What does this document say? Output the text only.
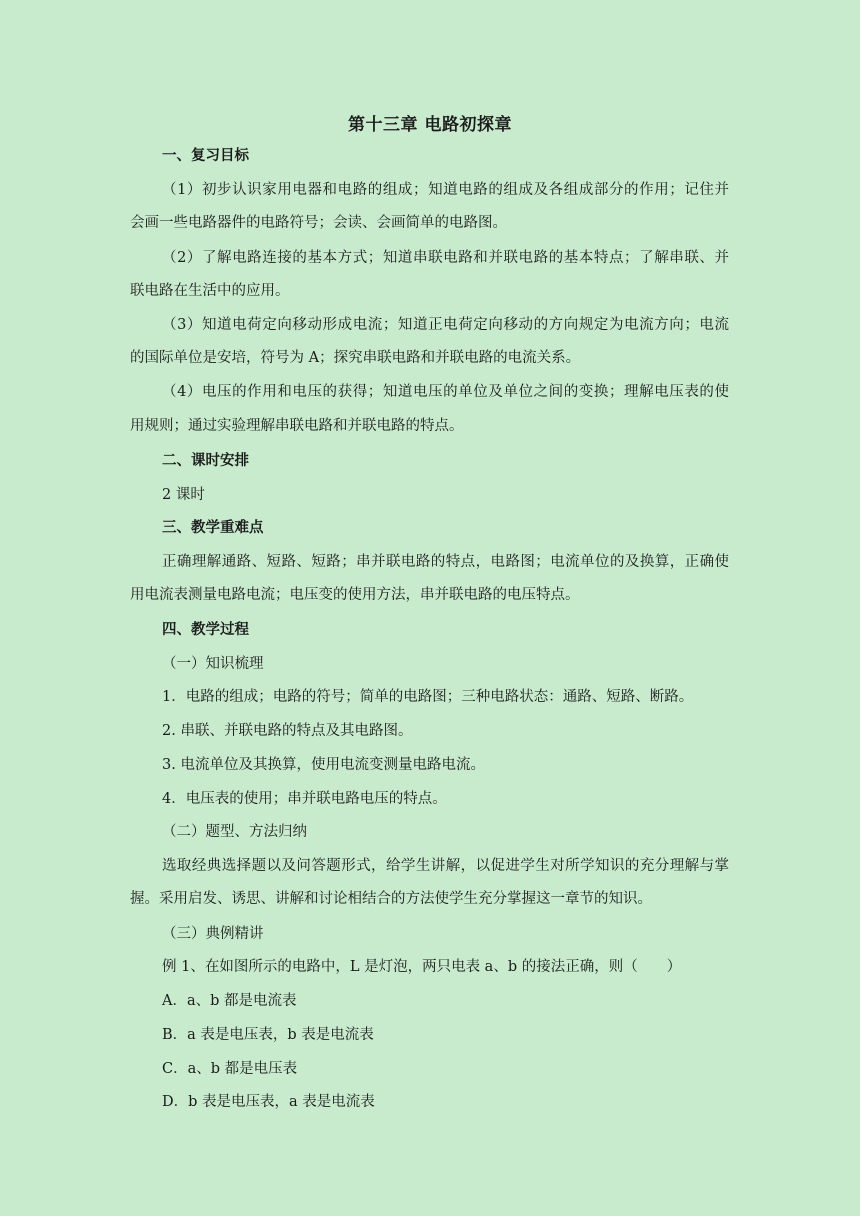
第十三章 电路初探章
一、复习目标
（1）初步认识家用电器和电路的组成；知道电路的组成及各组成部分的作用；记住并
会画一些电路器件的电路符号；会读、会画简单的电路图。
（2）了解电路连接的基本方式；知道串联电路和并联电路的基本特点；了解串联、并
联电路在生活中的应用。
（3）知道电荷定向移动形成电流；知道正电荷定向移动的方向规定为电流方向；电流
的国际单位是安培，符号为 A；探究串联电路和并联电路的电流关系。
（4）电压的作用和电压的获得；知道电压的单位及单位之间的变换；理解电压表的使
用规则；通过实验理解串联电路和并联电路的特点。
二、课时安排
2 课时
三、教学重难点
正确理解通路、短路、短路；串并联电路的特点，电路图；电流单位的及换算，正确使
用电流表测量电路电流；电压变的使用方法，串并联电路的电压特点。
四、教学过程
（一）知识梳理
1．电路的组成；电路的符号；简单的电路图；三种电路状态：通路、短路、断路。
2. 串联、并联电路的特点及其电路图。
3. 电流单位及其换算，使用电流变测量电路电流。
4．电压表的使用；串并联电路电压的特点。
（二）题型、方法归纳
选取经典选择题以及问答题形式，给学生讲解，以促进学生对所学知识的充分理解与掌
握。采用启发、诱思、讲解和讨论相结合的方法使学生充分掌握这一章节的知识。
（三）典例精讲
例 1、在如图所示的电路中，L 是灯泡，两只电表 a、b 的接法正确，则（　　）
A．a、b 都是电流表
B．a 表是电压表，b 表是电流表
C．a、b 都是电压表
D．b 表是电压表，a 表是电流表
